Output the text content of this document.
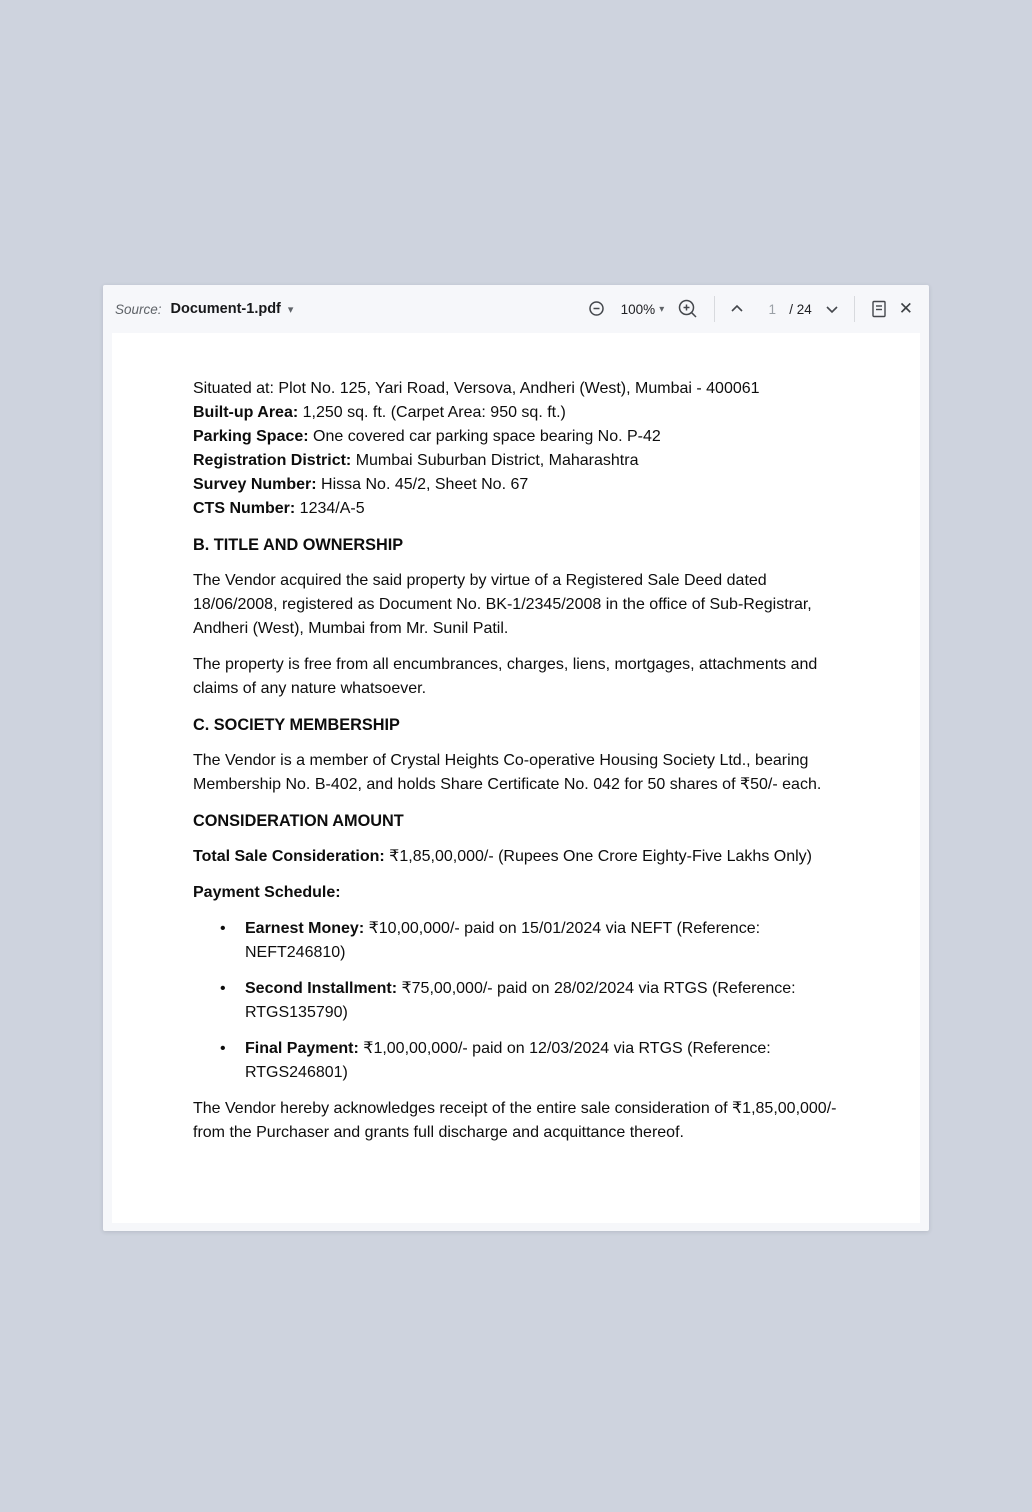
Source: Document-1.pdf ▾	100% ▾
1	/ 24	✕
Situated at: Plot No. 125, Yari Road, Versova, Andheri (West), Mumbai - 400061
Built-up Area: 1,250 sq. ft. (Carpet Area: 950 sq. ft.)
Parking Space: One covered car parking space bearing No. P-42
Registration District: Mumbai Suburban District, Maharashtra
Survey Number: Hissa No. 45/2, Sheet No. 67
CTS Number: 1234/A-5
B. TITLE AND OWNERSHIP

The Vendor acquired the said property by virtue of a Registered Sale Deed dated 18/06/2008, registered as Document No. BK-1/2345/2008 in the office of Sub-Registrar, Andheri (West), Mumbai from Mr. Sunil Patil.

The property is free from all encumbrances, charges, liens, mortgages, attachments and claims of any nature whatsoever.

C. SOCIETY MEMBERSHIP

The Vendor is a member of Crystal Heights Co-operative Housing Society Ltd., bearing Membership No. B-402, and holds Share Certificate No. 042 for 50 shares of ₹50/- each.

CONSIDERATION AMOUNT

Total Sale Consideration: ₹1,85,00,000/- (Rupees One Crore Eighty-Five Lakhs Only)

Payment Schedule:

• Earnest Money: ₹10,00,000/- paid on 15/01/2024 via NEFT (Reference: NEFT246810)
• Second Installment: ₹75,00,000/- paid on 28/02/2024 via RTGS (Reference: RTGS135790)
• Final Payment: ₹1,00,00,000/- paid on 12/03/2024 via RTGS (Reference: RTGS246801)

The Vendor hereby acknowledges receipt of the entire sale consideration of ₹1,85,00,000/- from the Purchaser and grants full discharge and acquittance thereof.
